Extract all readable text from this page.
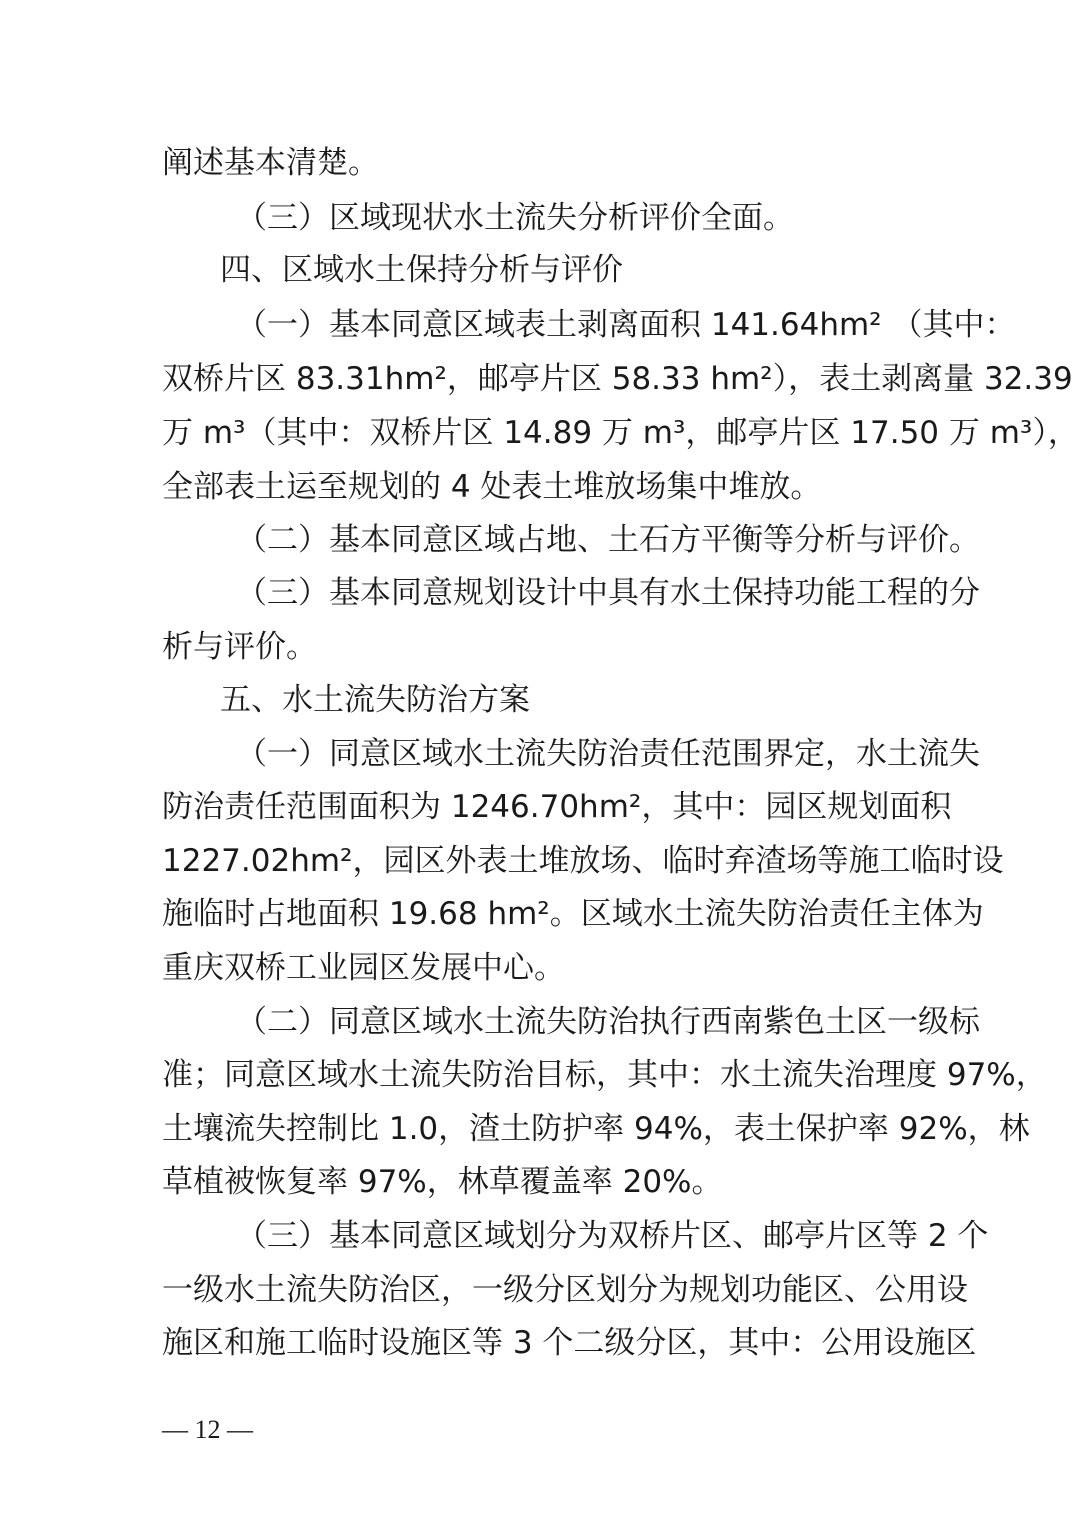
阐述基本清楚。
（三）区域现状水土流失分析评价全面。
四、区域水土保持分析与评价
（一）基本同意区域表土剥离面积 141.64hm² （其中：
双桥片区 83.31hm²，邮亭片区 58.33 hm²），表土剥离量 32.39
万 m³（其中：双桥片区 14.89 万 m³，邮亭片区 17.50 万 m³），
全部表土运至规划的 4 处表土堆放场集中堆放。
（二）基本同意区域占地、土石方平衡等分析与评价。
（三）基本同意规划设计中具有水土保持功能工程的分
析与评价。
五、水土流失防治方案
（一）同意区域水土流失防治责任范围界定，水土流失
防治责任范围面积为 1246.70hm²，其中：园区规划面积
1227.02hm²，园区外表土堆放场、临时弃渣场等施工临时设
施临时占地面积 19.68 hm²。区域水土流失防治责任主体为
重庆双桥工业园区发展中心。
（二）同意区域水土流失防治执行西南紫色土区一级标
准；同意区域水土流失防治目标，其中：水土流失治理度 97%，
土壤流失控制比 1.0，渣土防护率 94%，表土保护率 92%，林
草植被恢复率 97%，林草覆盖率 20%。
（三）基本同意区域划分为双桥片区、邮亭片区等 2 个
一级水土流失防治区，一级分区划分为规划功能区、公用设
施区和施工临时设施区等 3 个二级分区，其中：公用设施区
— 12 —
